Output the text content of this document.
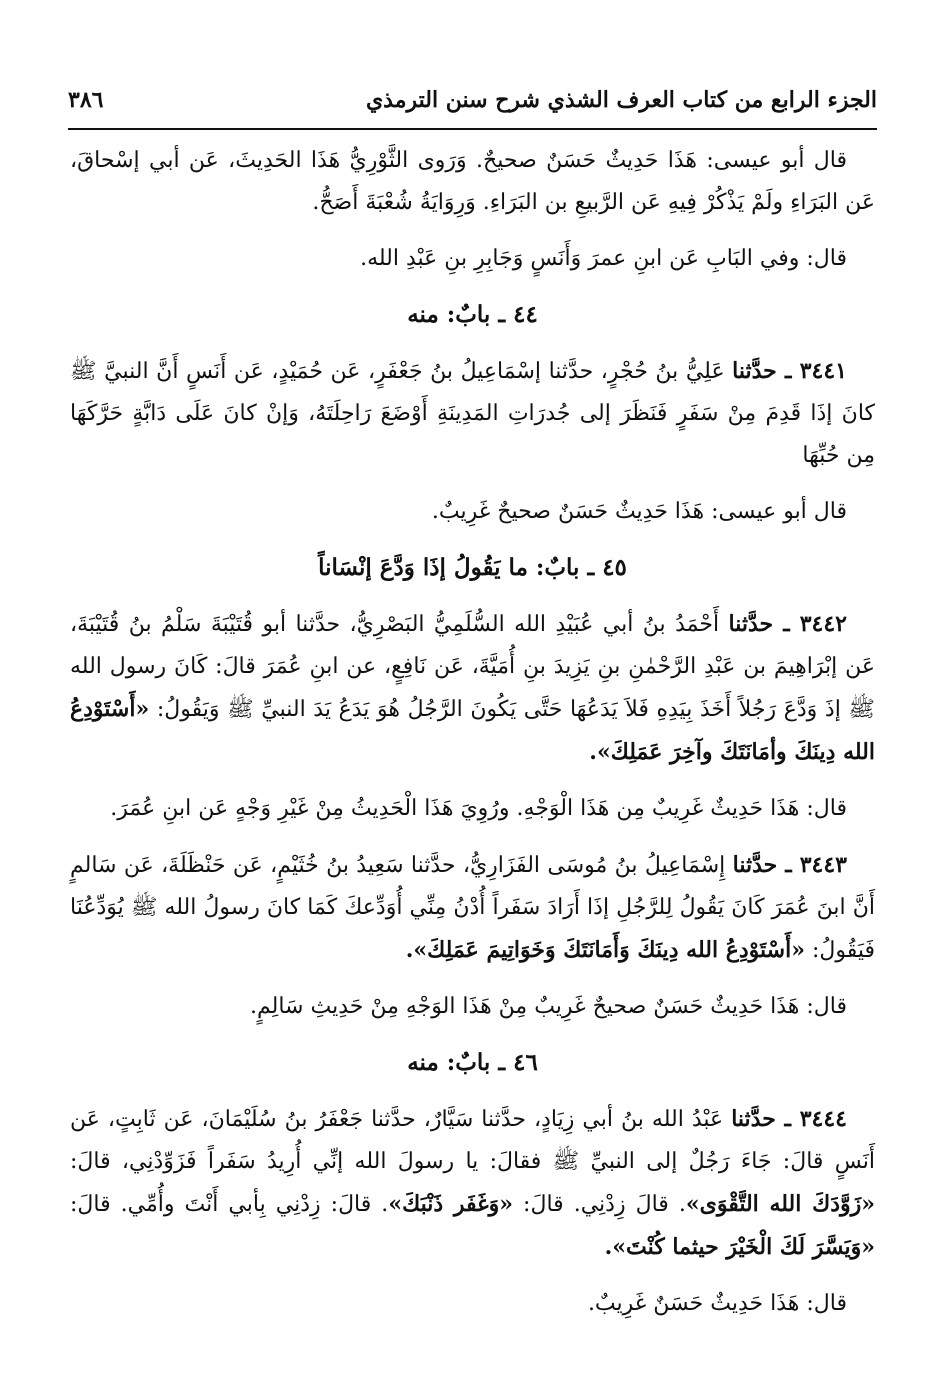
الجزء الرابع من كتاب العرف الشذي شرح سنن الترمذي
٣٨٦

قال أبو عيسى: هَذَا حَدِيثٌ حَسَنٌ صحيحٌ. وَرَوى الثَّوْرِيُّ هَذَا الحَدِيثَ، عَن أبي إسْحاقَ، عَن البَرَاءِ ولَمْ يَذْكُرْ فِيهِ عَن الرَّبيعِ بن البَرَاءِ. وَرِوَايَةُ شُعْبَةَ أَصَحُّ.

قال: وفي البَابِ عَن ابنِ عمرَ وَأَنَسٍ وَجَابِرِ بنِ عَبْدِ الله.

٤٤ ـ بابٌ: منه

٣٤٤١ ـ حدَّثنا عَلِيُّ بنُ حُجْرٍ، حدَّثنا إسْمَاعِيلُ بنُ جَعْفَرٍ، عَن حُمَيْدٍ، عَن أَنَسٍ أَنَّ النبيَّ ﷺ كانَ إذَا قَدِمَ مِنْ سَفَرٍ فَنَظَرَ إلى جُدرَاتِ المَدِينَةِ أَوْضَعَ رَاحِلَتَهُ، وَإنْ كانَ عَلَى دَابَّةٍ حَرَّكَهَا مِن حُبِّهَا

قال أبو عيسى: هَذَا حَدِيثٌ حَسَنٌ صحيحٌ غَرِيبٌ.

٤٥ ـ بابٌ: ما يَقُولُ إذَا وَدَّعَ إنْسَاناً

٣٤٤٢ ـ حدَّثنا أَحْمَدُ بنُ أبي عُبَيْدِ الله السُّلَمِيُّ البَصْرِيُّ، حدَّثنا أبو قُتَيْبَةَ سَلْمُ بنُ قُتَيْبَةَ، عَن إبْرَاهِيمَ بن عَبْدِ الرَّحْمٰنِ بنِ يَزِيدَ بنِ أُمَيَّةَ، عَن نَافِعٍ، عن ابنِ عُمَرَ قالَ: كَانَ رسول الله ﷺ إذَ وَدَّعَ رَجُلاً أَخَذَ بِيَدِهِ فَلاَ يَدَعُهَا حَتَّى يَكُونَ الرَّجُلُ هُوَ يَدَعُ يَدَ النبيِّ ﷺ وَيَقُولُ: «أَسْتَوْدِعُ الله دِينَكَ وأمَانَتَكَ وآخِرَ عَمَلِكَ».

قال: هَذَا حَدِيثٌ غَرِيبٌ مِن هَذَا الْوَجْهِ. ورُوِيَ هَذَا الْحَدِيثُ مِنْ غَيْرِ وَجْهٍ عَن ابنِ عُمَرَ.

٣٤٤٣ ـ حدَّثنا إِسْمَاعِيلُ بنُ مُوسَى الفَزَارِيُّ، حدَّثنا سَعِيدُ بنُ خُثَيْمٍ، عَن حَنْظَلَةَ، عَن سَالمٍ أَنَّ ابنَ عُمَرَ كَانَ يَقُولُ لِلرَّجُلِ إذَا أَرَادَ سَفَراً أُدْنُ مِنِّي أُوَدِّعكَ كَمَا كانَ رسولُ الله ﷺ يُوَدِّعُنَا فَيَقُولُ: «أَسْتَوْدِعُ الله دِينَكَ وَأَمَانَتَكَ وَخَوَاتِيمَ عَمَلِكَ».

قال: هَذَا حَدِيثٌ حَسَنٌ صحيحٌ غَرِيبٌ مِنْ هَذَا الوَجْهِ مِنْ حَدِيثِ سَالِمٍ.

٤٦ ـ بابٌ: منه

٣٤٤٤ ـ حدَّثنا عَبْدُ الله بنُ أبي زِيَادٍ، حدَّثنا سَيَّارٌ، حدَّثنا جَعْفَرُ بنُ سُلَيْمَانَ، عَن ثَابِتٍ، عَن أَنَسٍ قالَ: جَاءَ رَجُلٌ إلى النبيِّ ﷺ فقالَ: يا رسولَ الله إنِّي أُرِيدُ سَفَراً فَزَوِّدْنِي، قالَ: «زَوَّدَكَ الله التَّقْوَى». قالَ زِدْنِي. قالَ: «وَغَفَر ذَنْبَكَ». قالَ: زِدْنِي بِأبي أَنْتَ وأُمِّي. قالَ: «وَيَسَّرَ لَكَ الْخَيْرَ حيثما كُنْتَ».

قال: هَذَا حَدِيثٌ حَسَنٌ غَرِيبٌ.
